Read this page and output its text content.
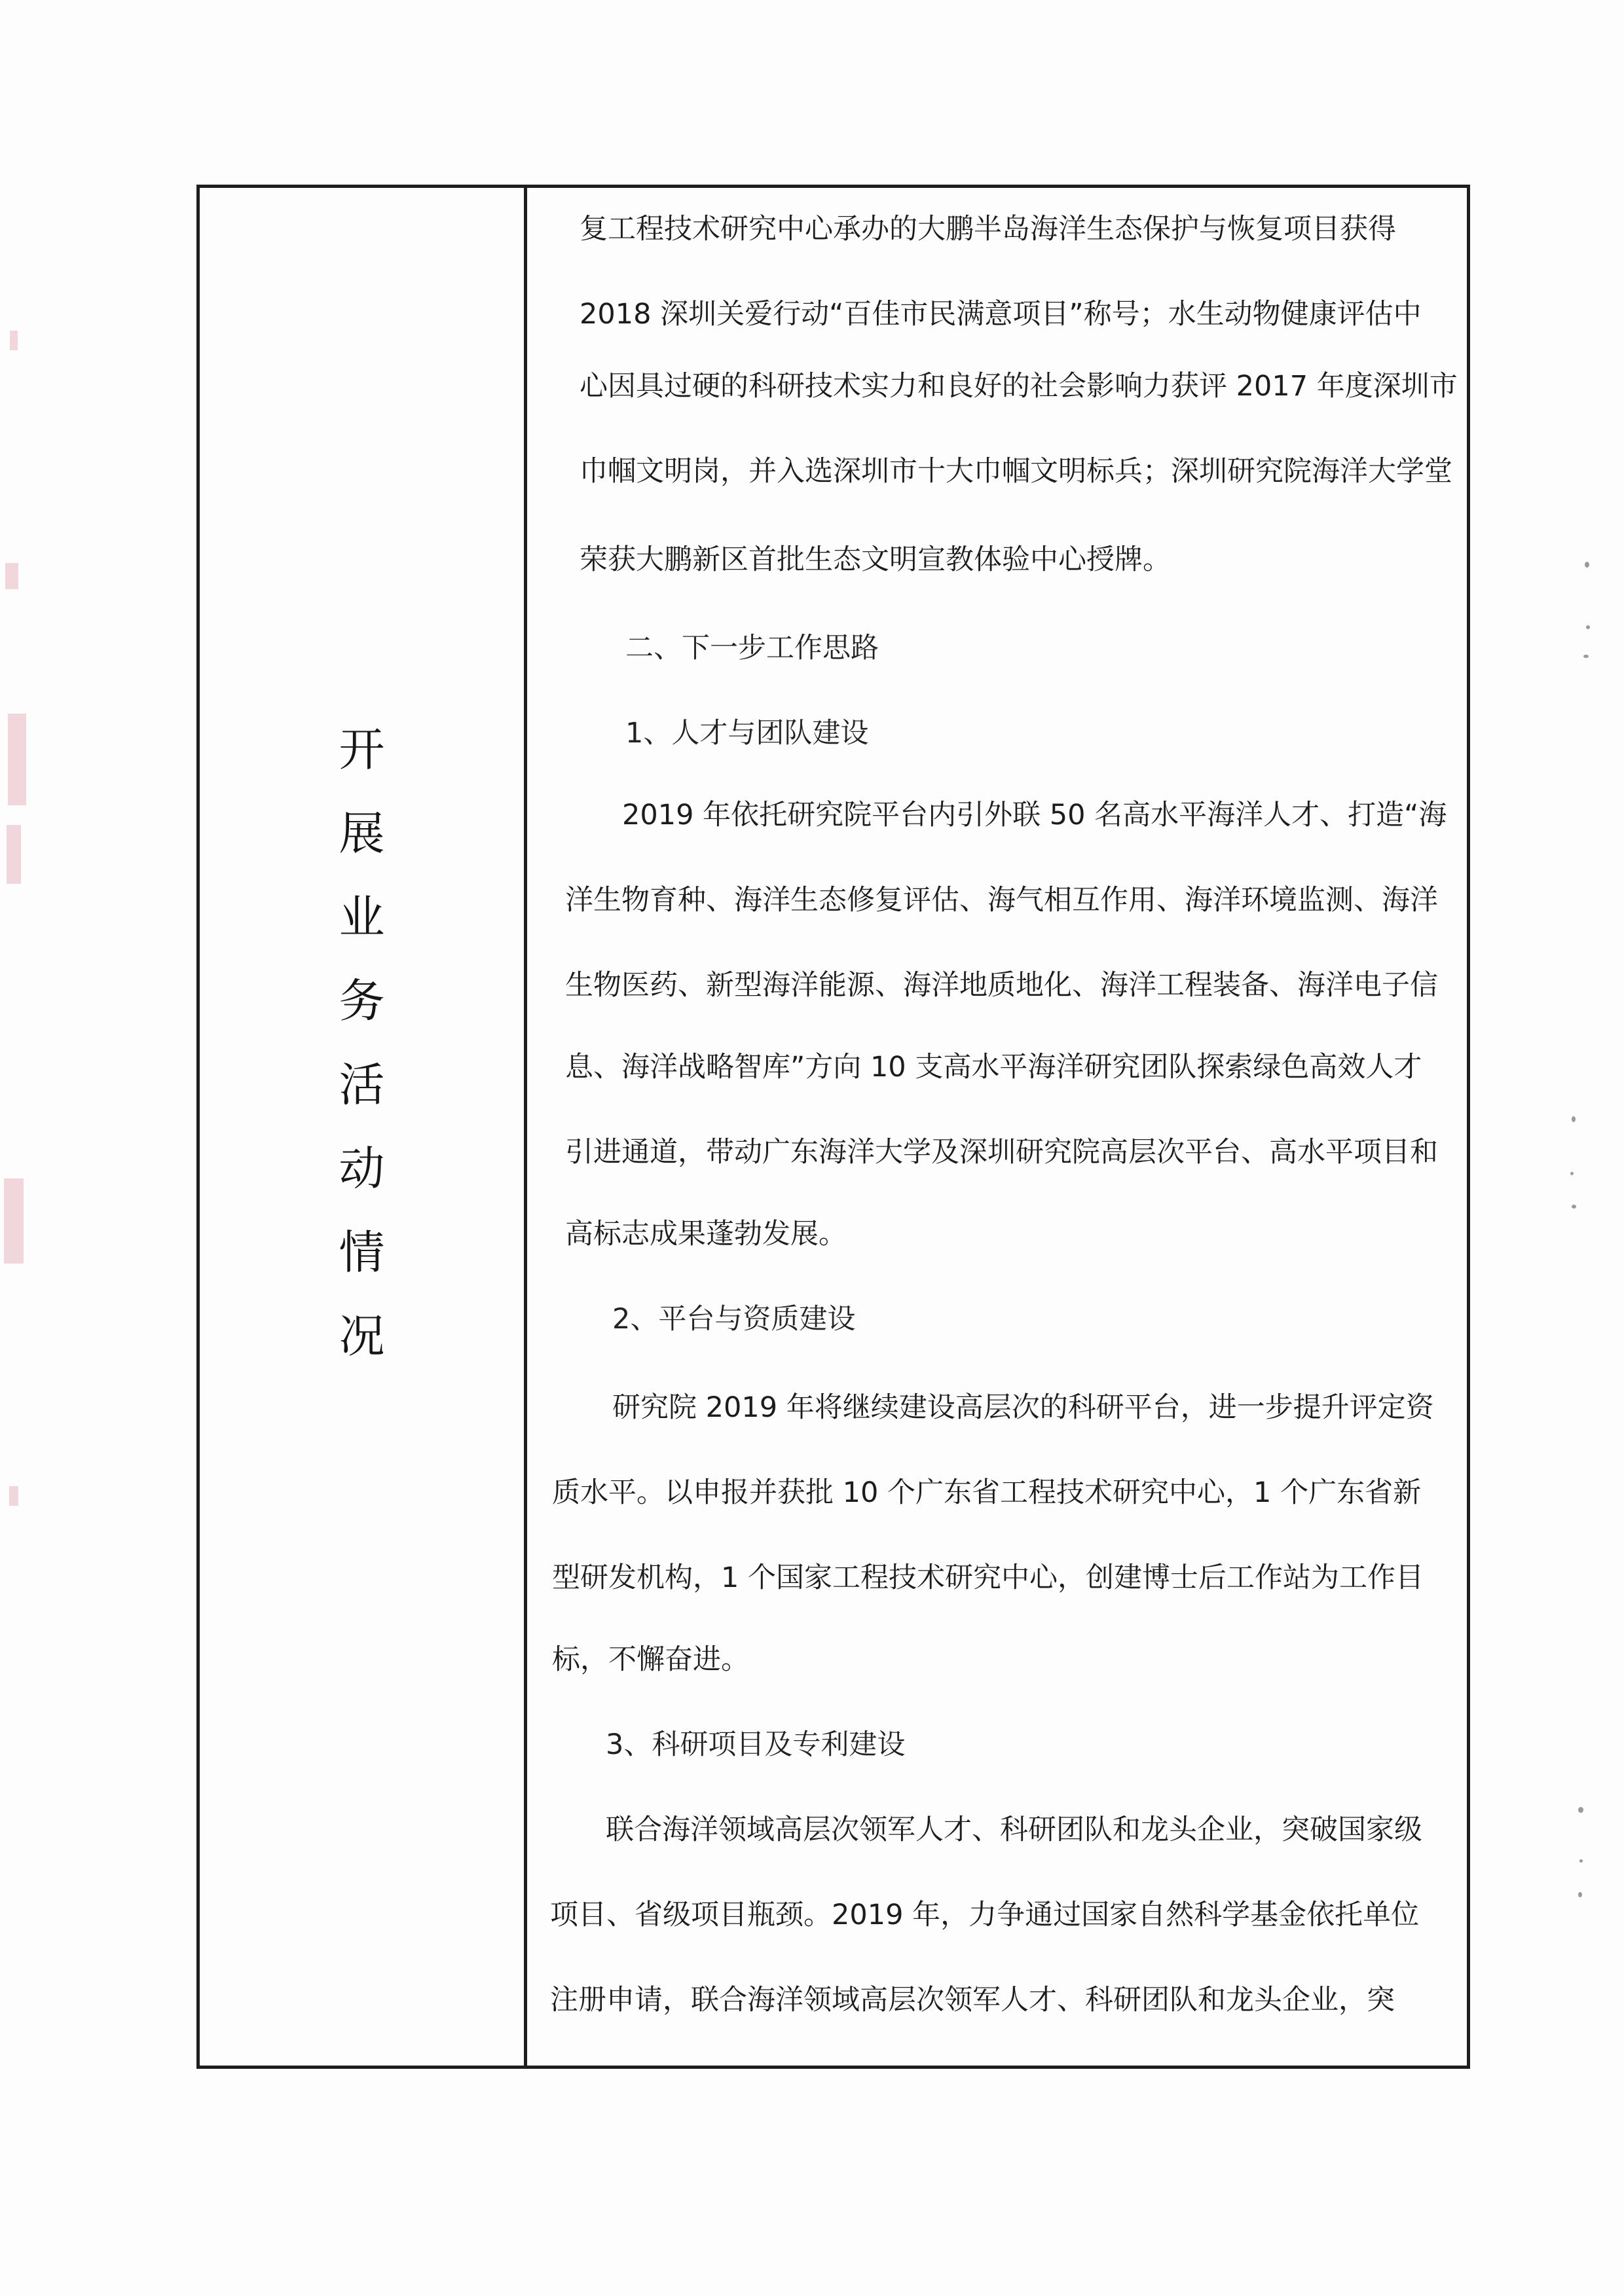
开
展
业
务
活
动
情
况
复工程技术研究中心承办的大鹏半岛海洋生态保护与恢复项目获得
2018 深圳关爱行动“百佳市民满意项目”称号；水生动物健康评估中
心因具过硬的科研技术实力和良好的社会影响力获评 2017 年度深圳市
巾帼文明岗，并入选深圳市十大巾帼文明标兵；深圳研究院海洋大学堂
荣获大鹏新区首批生态文明宣教体验中心授牌。
二、下一步工作思路
1、人才与团队建设
2019 年依托研究院平台内引外联 50 名高水平海洋人才、打造“海
洋生物育种、海洋生态修复评估、海气相互作用、海洋环境监测、海洋
生物医药、新型海洋能源、海洋地质地化、海洋工程装备、海洋电子信
息、海洋战略智库”方向 10 支高水平海洋研究团队探索绿色高效人才
引进通道，带动广东海洋大学及深圳研究院高层次平台、高水平项目和
高标志成果蓬勃发展。
2、平台与资质建设
研究院 2019 年将继续建设高层次的科研平台，进一步提升评定资
质水平。以申报并获批 10 个广东省工程技术研究中心，1 个广东省新
型研发机构，1 个国家工程技术研究中心，创建博士后工作站为工作目
标，不懈奋进。
3、科研项目及专利建设
联合海洋领域高层次领军人才、科研团队和龙头企业，突破国家级
项目、省级项目瓶颈。2019 年，力争通过国家自然科学基金依托单位
注册申请，联合海洋领域高层次领军人才、科研团队和龙头企业，突
